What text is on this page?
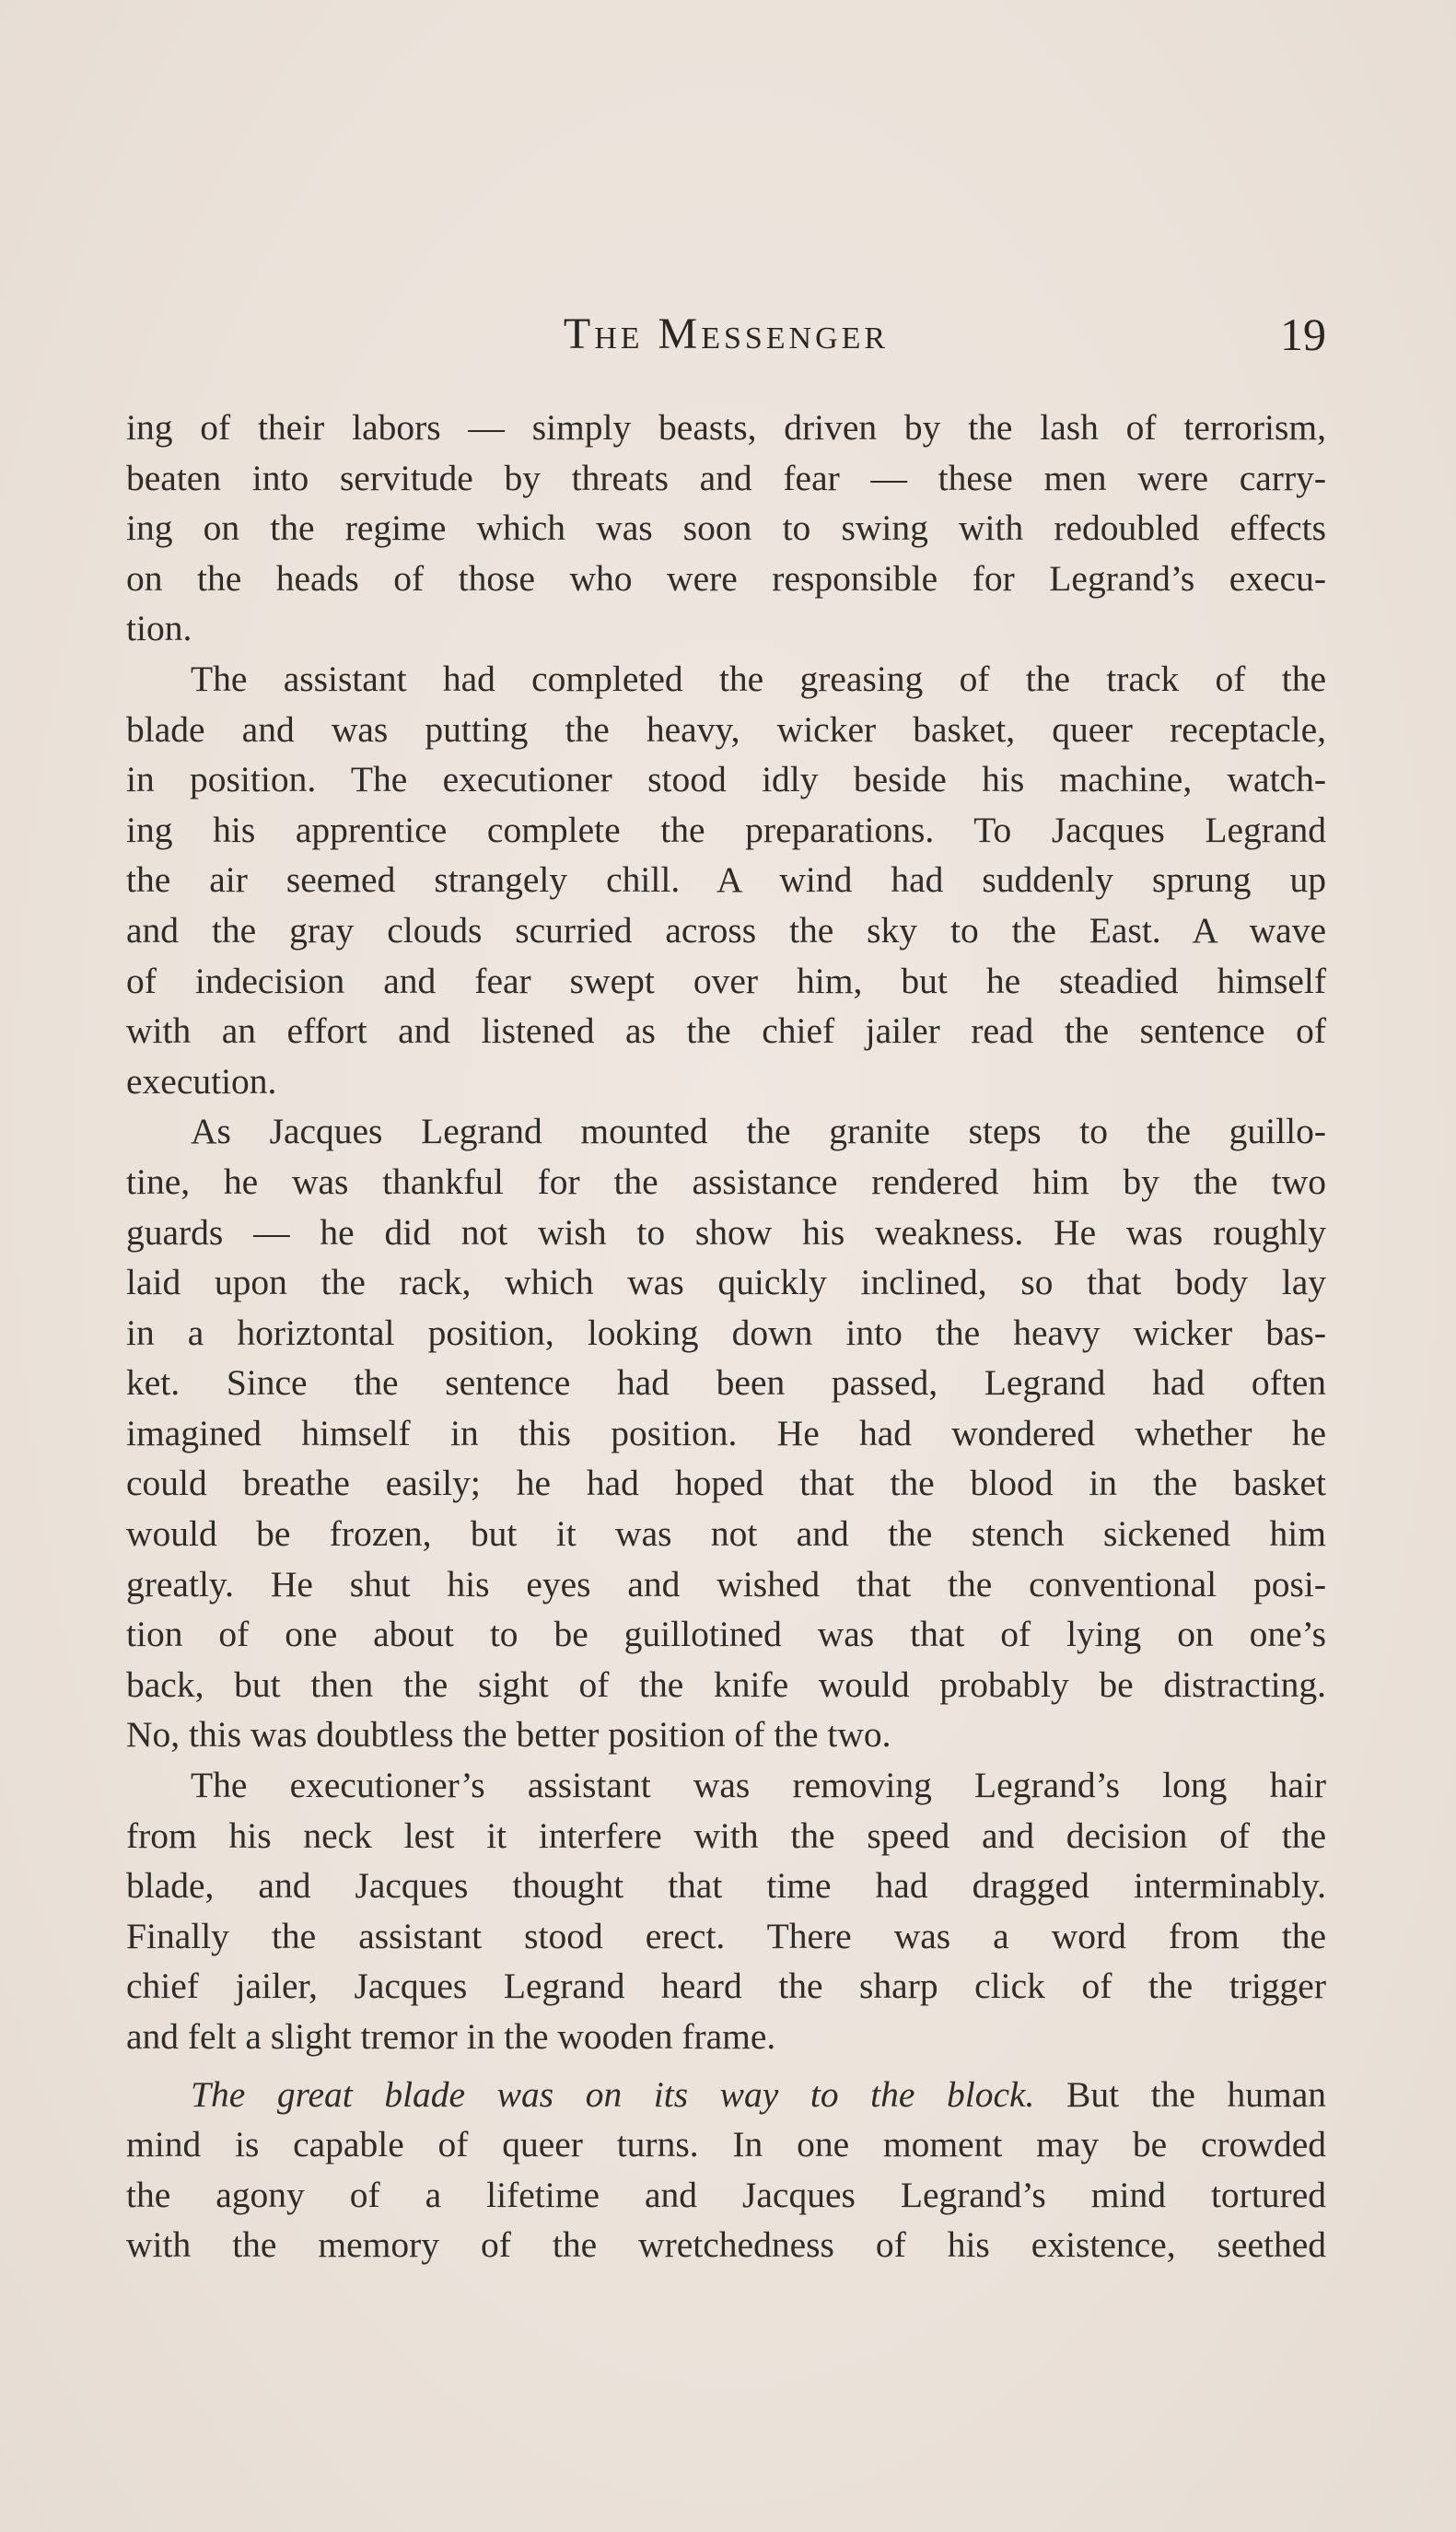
The Messenger	19
ing of their labors — simply beasts, driven by the lash of terrorism,
beaten into servitude by threats and fear — these men were carry-
ing on the regime which was soon to swing with redoubled effects
on the heads of those who were responsible for Legrand’s execu-
tion.
The assistant had completed the greasing of the track of the
blade and was putting the heavy, wicker basket, queer receptacle,
in position. The executioner stood idly beside his machine, watch-
ing his apprentice complete the preparations. To Jacques Legrand
the air seemed strangely chill. A wind had suddenly sprung up
and the gray clouds scurried across the sky to the East. A wave
of indecision and fear swept over him, but he steadied himself
with an effort and listened as the chief jailer read the sentence of
execution.
As Jacques Legrand mounted the granite steps to the guillo-
tine, he was thankful for the assistance rendered him by the two
guards — he did not wish to show his weakness. He was roughly
laid upon the rack, which was quickly inclined, so that body lay
in a horiztontal position, looking down into the heavy wicker bas-
ket. Since the sentence had been passed, Legrand had often
imagined himself in this position. He had wondered whether he
could breathe easily; he had hoped that the blood in the basket
would be frozen, but it was not and the stench sickened him
greatly. He shut his eyes and wished that the conventional posi-
tion of one about to be guillotined was that of lying on one’s
back, but then the sight of the knife would probably be distracting.
No, this was doubtless the better position of the two.
The executioner’s assistant was removing Legrand’s long hair
from his neck lest it interfere with the speed and decision of the
blade, and Jacques thought that time had dragged interminably.
Finally the assistant stood erect. There was a word from the
chief jailer, Jacques Legrand heard the sharp click of the trigger
and felt a slight tremor in the wooden frame.
The great blade was on its way to the block. But the human
mind is capable of queer turns. In one moment may be crowded
the agony of a lifetime and Jacques Legrand’s mind tortured
with the memory of the wretchedness of his existence, seethed
